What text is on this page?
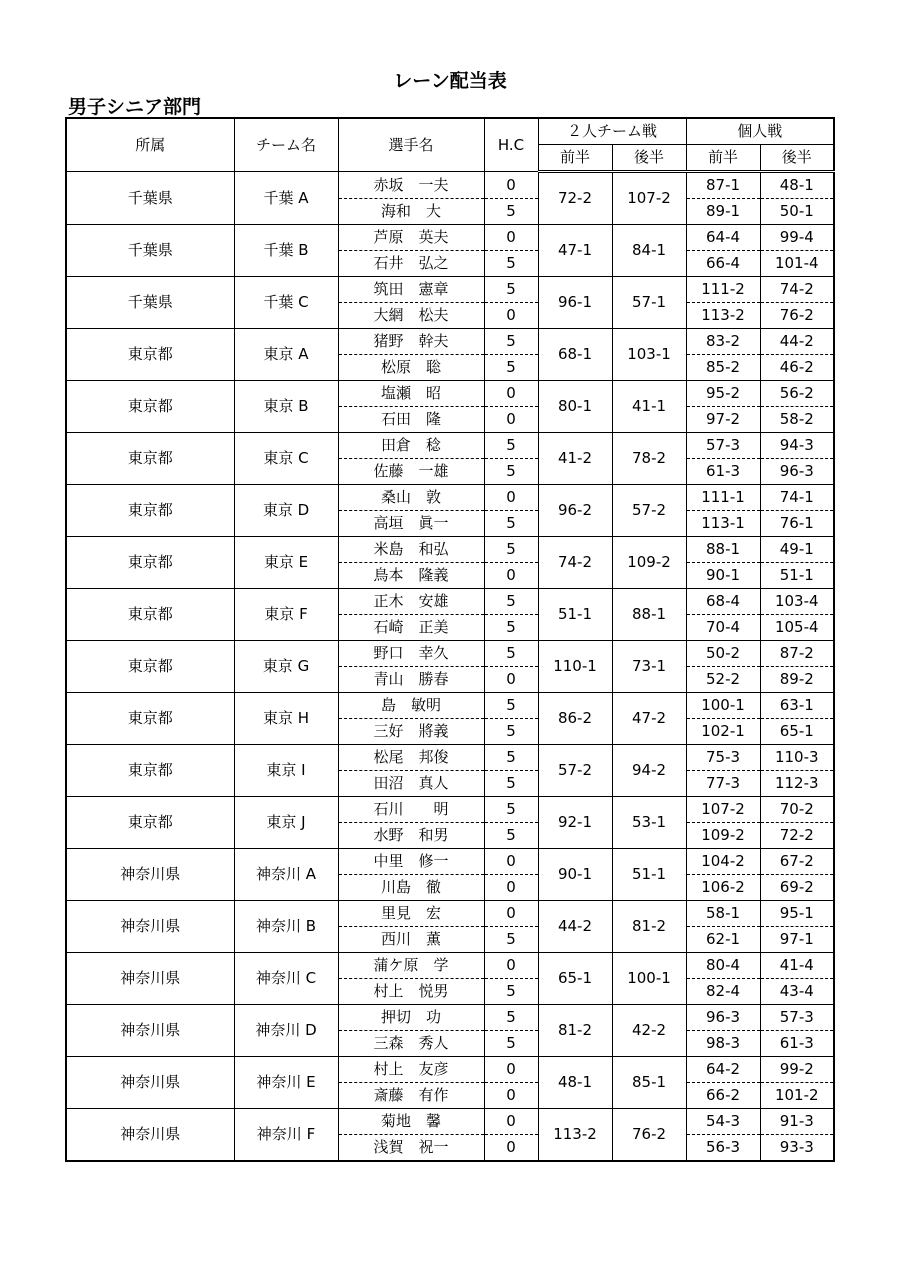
レーン配当表
男子シニア部門
所属	チーム名	選手名	H.C	２人チーム戦		個人戦	
				前半	後半	前半	後半
千葉県	千葉 A	赤坂　一夫	0	72-2	107-2	87-1	48-1
		海和　大	5			89-1	50-1
千葉県	千葉 B	芦原　英夫	0	47-1	84-1	64-4	99-4
		石井　弘之	5			66-4	101-4
千葉県	千葉 C	筑田　憲章	5	96-1	57-1	111-2	74-2
		大網　松夫	0			113-2	76-2
東京都	東京 A	猪野　幹夫	5	68-1	103-1	83-2	44-2
		松原　聡	5			85-2	46-2
東京都	東京 B	塩瀬　昭	0	80-1	41-1	95-2	56-2
		石田　隆	0			97-2	58-2
東京都	東京 C	田倉　稔	5	41-2	78-2	57-3	94-3
		佐藤　一雄	5			61-3	96-3
東京都	東京 D	桑山　敦	0	96-2	57-2	111-1	74-1
		高垣　眞一	5			113-1	76-1
東京都	東京 E	米島　和弘	5	74-2	109-2	88-1	49-1
		鳥本　隆義	0			90-1	51-1
東京都	東京 F	正木　安雄	5	51-1	88-1	68-4	103-4
		石崎　正美	5			70-4	105-4
東京都	東京 G	野口　幸久	5	110-1	73-1	50-2	87-2
		青山　勝春	0			52-2	89-2
東京都	東京 H	島　敏明	5	86-2	47-2	100-1	63-1
		三好　將義	5			102-1	65-1
東京都	東京 I	松尾　邦俊	5	57-2	94-2	75-3	110-3
		田沼　真人	5			77-3	112-3
東京都	東京 J	石川　　明	5	92-1	53-1	107-2	70-2
		水野　和男	5			109-2	72-2
神奈川県	神奈川 A	中里　修一	0	90-1	51-1	104-2	67-2
		川島　徹	0			106-2	69-2
神奈川県	神奈川 B	里見　宏	0	44-2	81-2	58-1	95-1
		西川　薫	5			62-1	97-1
神奈川県	神奈川 C	蒲ケ原　学	0	65-1	100-1	80-4	41-4
		村上　悦男	5			82-4	43-4
神奈川県	神奈川 D	押切　功	5	81-2	42-2	96-3	57-3
		三森　秀人	5			98-3	61-3
神奈川県	神奈川 E	村上　友彦	0	48-1	85-1	64-2	99-2
		斎藤　有作	0			66-2	101-2
神奈川県	神奈川 F	菊地　馨	0	113-2	76-2	54-3	91-3
		浅賀　祝一	0			56-3	93-3
